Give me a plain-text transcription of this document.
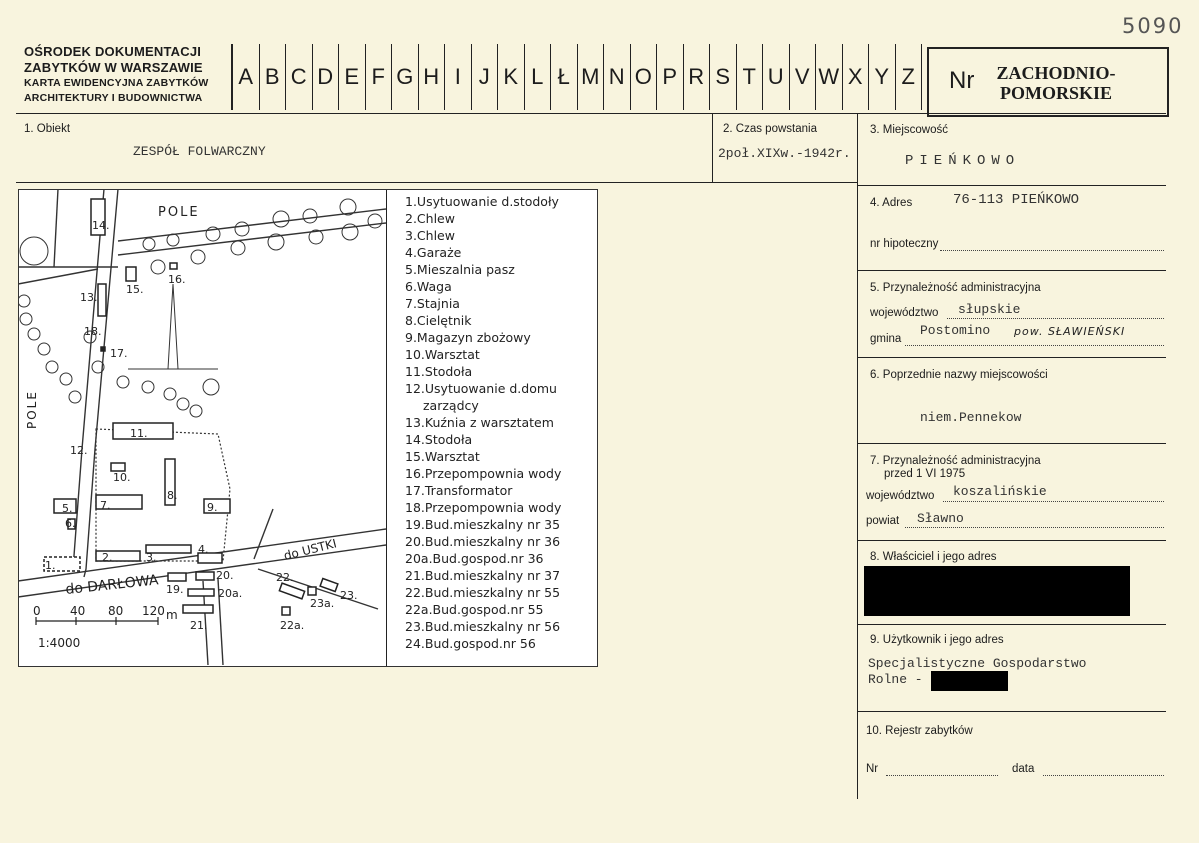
5090
OŚRODEK DOKUMENTACJI
ZABYTKÓW W WARSZAWIE
KARTA EWIDENCYJNA ZABYTKÓW
ARCHITEKTURY I BUDOWNICTWA
A B C D E F G H I J K L Ł M N O P R S T U V W X Y Z Nr	ZACHODNIO-
POMORSKIE
1. Obiekt
ZESPÓŁ FOLWARCZNY
2. Czas powstania
2poł.XIXw.-1942r.
3. Miejscowość
PIEŃKOWO
4. Adres	76-113 PIEŃKOWO
nr hipoteczny
5. Przynależność administracyjna
województwo słupskie
gmina
Postomino pow. SŁAWIEŃSKI
6. Poprzednie nazwy miejscowości
niem.Pennekow
7. Przynależność administracyjna
przed 1 VI 1975
województwo koszalińskie
powiat Sławno
8. Właściciel i jego adres
9. Użytkownik i jego adres
Specjalistyczne Gospodarstwo
Rolne -
10. Rejestr zabytków
Nr	data
POLE
POLE
do USTKI
do DARŁOWA
1.
2.	3.
4.
5.
6.
7.
8.
9.
10.
11.
12.
13.
14.
15.
16.
17.
18.
19.
20.
20a.
21.
22.
22a.
23.
23a.
0 40 80 120 m
1:4000
1.Usytuowanie d.stodoły
2.Chlew
3.Chlew
4.Garaże
5.Mieszalnia pasz
6.Waga
7.Stajnia
8.Cielętnik
9.Magazyn zbożowy
10.Warsztat
11.Stodoła
12.Usytuowanie d.domu
zarządcy
13.Kuźnia z warsztatem
14.Stodoła
15.Warsztat
16.Przepompownia wody
17.Transformator
18.Przepompownia wody
19.Bud.mieszkalny nr 35
20.Bud.mieszkalny nr 36
20a.Bud.gospod.nr 36
21.Bud.mieszkalny nr 37
22.Bud.mieszkalny nr 55
22a.Bud.gospod.nr 55
23.Bud.mieszkalny nr 56
24.Bud.gospod.nr 56
